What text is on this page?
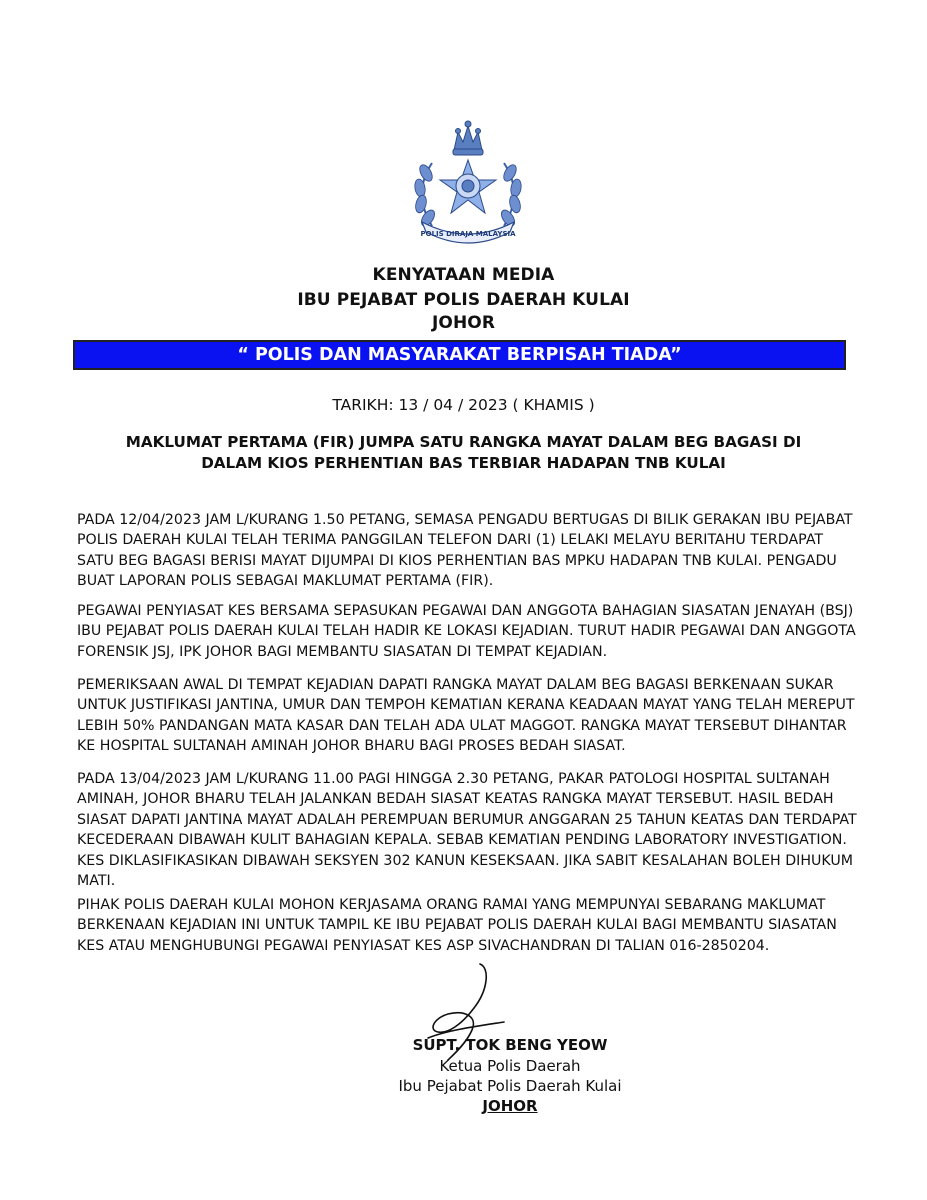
POLIS DIRAJA MALAYSIA
KENYATAAN MEDIA
IBU PEJABAT POLIS DAERAH KULAI
JOHOR
“ POLIS DAN MASYARAKAT BERPISAH TIADA”
TARIKH: 13 / 04 / 2023 ( KHAMIS )
MAKLUMAT PERTAMA (FIR) JUMPA SATU RANGKA MAYAT DALAM BEG BAGASI DI
DALAM KIOS PERHENTIAN BAS TERBIAR HADAPAN TNB KULAI
PADA 12/04/2023 JAM L/KURANG 1.50 PETANG, SEMASA PENGADU BERTUGAS DI BILIK GERAKAN IBU PEJABAT
POLIS DAERAH KULAI TELAH TERIMA PANGGILAN TELEFON DARI (1) LELAKI MELAYU BERITAHU TERDAPAT
SATU BEG BAGASI BERISI MAYAT DIJUMPAI DI KIOS PERHENTIAN BAS MPKU HADAPAN TNB KULAI. PENGADU
BUAT LAPORAN POLIS SEBAGAI MAKLUMAT PERTAMA (FIR).
PEGAWAI PENYIASAT KES BERSAMA SEPASUKAN PEGAWAI DAN ANGGOTA BAHAGIAN SIASATAN JENAYAH (BSJ)
IBU PEJABAT POLIS DAERAH KULAI TELAH HADIR KE LOKASI KEJADIAN. TURUT HADIR PEGAWAI DAN ANGGOTA
FORENSIK JSJ, IPK JOHOR BAGI MEMBANTU SIASATAN DI TEMPAT KEJADIAN.
PEMERIKSAAN AWAL DI TEMPAT KEJADIAN DAPATI RANGKA MAYAT DALAM BEG BAGASI BERKENAAN SUKAR
UNTUK JUSTIFIKASI JANTINA, UMUR DAN TEMPOH KEMATIAN KERANA KEADAAN MAYAT YANG TELAH MEREPUT
LEBIH 50% PANDANGAN MATA KASAR DAN TELAH ADA ULAT MAGGOT. RANGKA MAYAT TERSEBUT DIHANTAR
KE HOSPITAL SULTANAH AMINAH JOHOR BHARU BAGI PROSES BEDAH SIASAT.
PADA 13/04/2023 JAM L/KURANG 11.00 PAGI HINGGA 2.30 PETANG, PAKAR PATOLOGI HOSPITAL SULTANAH
AMINAH, JOHOR BHARU TELAH JALANKAN BEDAH SIASAT KEATAS RANGKA MAYAT TERSEBUT. HASIL BEDAH
SIASAT DAPATI JANTINA MAYAT ADALAH PEREMPUAN BERUMUR ANGGARAN 25 TAHUN KEATAS DAN TERDAPAT
KECEDERAAN DIBAWAH KULIT BAHAGIAN KEPALA. SEBAB KEMATIAN PENDING LABORATORY INVESTIGATION.
KES DIKLASIFIKASIKAN DIBAWAH SEKSYEN 302 KANUN KESEKSAAN. JIKA SABIT KESALAHAN BOLEH DIHUKUM
MATI.
PIHAK POLIS DAERAH KULAI MOHON KERJASAMA ORANG RAMAI YANG MEMPUNYAI SEBARANG MAKLUMAT
BERKENAAN KEJADIAN INI UNTUK TAMPIL KE IBU PEJABAT POLIS DAERAH KULAI BAGI MEMBANTU SIASATAN
KES ATAU MENGHUBUNGI PEGAWAI PENYIASAT KES ASP SIVACHANDRAN DI TALIAN 016-2850204.
SUPT. TOK BENG YEOW
Ketua Polis Daerah
Ibu Pejabat Polis Daerah Kulai
JOHOR
